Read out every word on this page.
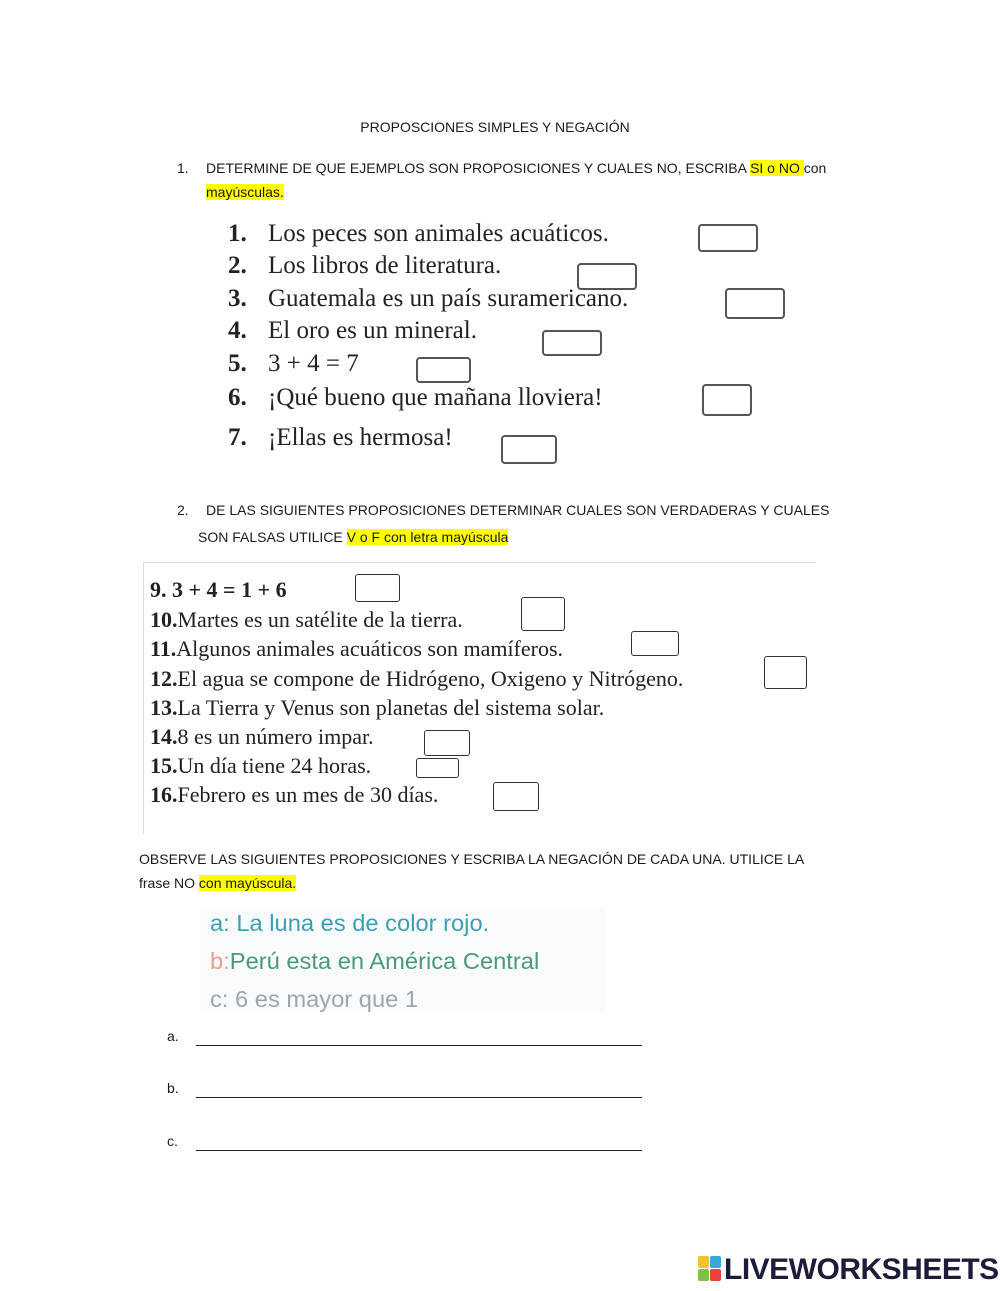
PROPOSCIONES SIMPLES Y NEGACIÓN
1. DETERMINE DE QUE EJEMPLOS SON PROPOSICIONES Y CUALES NO, ESCRIBA SI o NO con
mayúsculas.
1. Los peces son animales acuáticos.
2. Los libros de literatura.
3. Guatemala es un país suramericano.
4. El oro es un mineral.
5. 3 + 4 = 7
6. ¡Qué bueno que mañana lloviera!
7. ¡Ellas es hermosa!
2. DE LAS SIGUIENTES PROPOSICIONES DETERMINAR CUALES SON VERDADERAS Y CUALES
SON FALSAS UTILICE V o F con letra mayúscula
9. 3 + 4 = 1 + 6
10.Martes es un satélite de la tierra.
11.Algunos animales acuáticos son mamíferos.
12.El agua se compone de Hidrógeno, Oxigeno y Nitrógeno.
13.La Tierra y Venus son planetas del sistema solar.
14.8 es un número impar.
15.Un día tiene 24 horas.
16.Febrero es un mes de 30 días.
OBSERVE LAS SIGUIENTES PROPOSICIONES Y ESCRIBA LA NEGACIÓN DE CADA UNA. UTILICE LA
frase NO con mayúscula.
a: La luna es de color rojo.
b:Perú esta en América Central
c: 6 es mayor que 1
a.
b.
c.
LIVEWORKSHEETS
